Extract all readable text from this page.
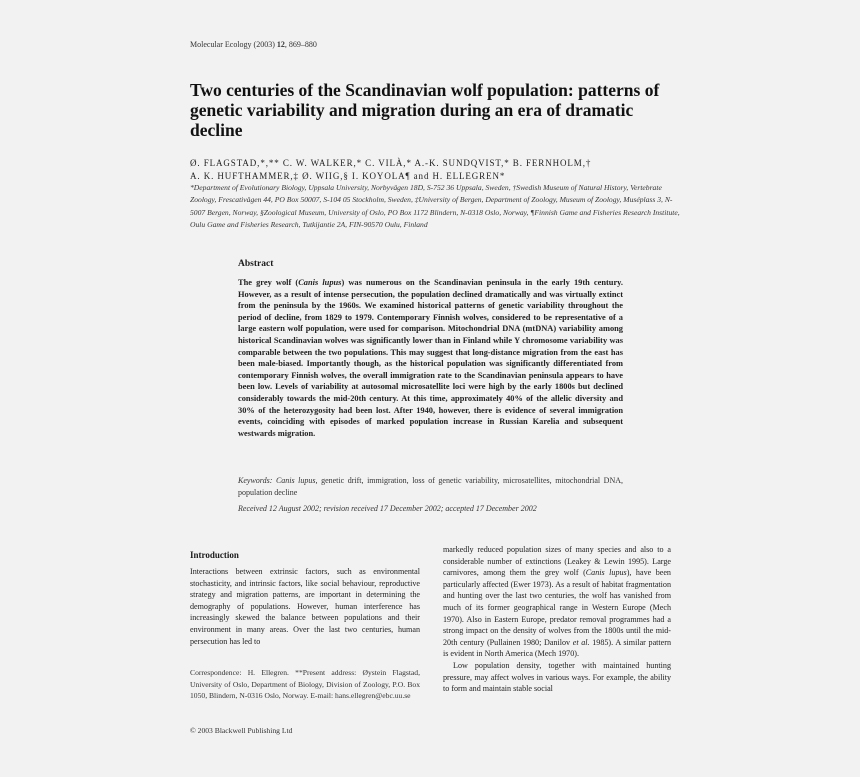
Molecular Ecology (2003) 12, 869–880
Two centuries of the Scandinavian wolf population: patterns of genetic variability and migration during an era of dramatic decline
Ø. FLAGSTAD,*,** C. W. WALKER,* C. VILÀ,* A.-K. SUNDQVIST,* B. FERNHOLM,†
A. K. HUFTHAMMER,‡ Ø. WIIG,§ I. KOYOLA¶ and H. ELLEGREN*
*Department of Evolutionary Biology, Uppsala University, Norbyvägen 18D, S-752 36 Uppsala, Sweden, †Swedish Museum of Natural History, Vertebrate Zoology, Frescativägen 44, PO Box 50007, S-104 05 Stockholm, Sweden, ‡University of Bergen, Department of Zoology, Museum of Zoology, Muséplass 3, N-5007 Bergen, Norway, §Zoological Museum, University of Oslo, PO Box 1172 Blindern, N-0318 Oslo, Norway, ¶Finnish Game and Fisheries Research Institute, Oulu Game and Fisheries Research, Tutkijantie 2A, FIN-90570 Oulu, Finland
Abstract
The grey wolf (Canis lupus) was numerous on the Scandinavian peninsula in the early 19th century. However, as a result of intense persecution, the population declined dramatically and was virtually extinct from the peninsula by the 1960s. We examined historical patterns of genetic variability throughout the period of decline, from 1829 to 1979. Contemporary Finnish wolves, considered to be representative of a large eastern wolf population, were used for comparison. Mitochondrial DNA (mtDNA) variability among historical Scandinavian wolves was significantly lower than in Finland while Y chromosome variability was comparable between the two populations. This may suggest that long-distance migration from the east has been male-biased. Importantly though, as the historical population was significantly differentiated from contemporary Finnish wolves, the overall immigration rate to the Scandinavian peninsula appears to have been low. Levels of variability at autosomal microsatellite loci were high by the early 1800s but declined considerably towards the mid-20th century. At this time, approximately 40% of the allelic diversity and 30% of the heterozygosity had been lost. After 1940, however, there is evidence of several immigration events, coinciding with episodes of marked population increase in Russian Karelia and subsequent westwards migration.
Keywords: Canis lupus, genetic drift, immigration, loss of genetic variability, microsatellites, mitochondrial DNA, population decline
Received 12 August 2002; revision received 17 December 2002; accepted 17 December 2002
Introduction
Interactions between extrinsic factors, such as environmental stochasticity, and intrinsic factors, like social behaviour, reproductive strategy and migration patterns, are important in determining the demography of populations. However, human interference has increasingly skewed the balance between populations and their environment in many areas. Over the last two centuries, human persecution has led to
Correspondence: H. Ellegren. **Present address: Øystein Flagstad, University of Oslo, Department of Biology, Division of Zoology, P.O. Box 1050, Blindern, N-0316 Oslo, Norway. E-mail: hans.ellegren@ebc.uu.se
© 2003 Blackwell Publishing Ltd

markedly reduced population sizes of many species and also to a considerable number of extinctions (Leakey & Lewin 1995). Large carnivores, among them the grey wolf (Canis lupus), have been particularly affected (Ewer 1973). As a result of habitat fragmentation and hunting over the last two centuries, the wolf has vanished from much of its former geographical range in Western Europe (Mech 1970). Also in Eastern Europe, predator removal programmes had a strong impact on the density of wolves from the 1800s until the mid-20th century (Pullainen 1980; Danilov et al. 1985). A similar pattern is evident in North America (Mech 1970).

Low population density, together with maintained hunting pressure, may affect wolves in various ways. For example, the ability to form and maintain stable social
